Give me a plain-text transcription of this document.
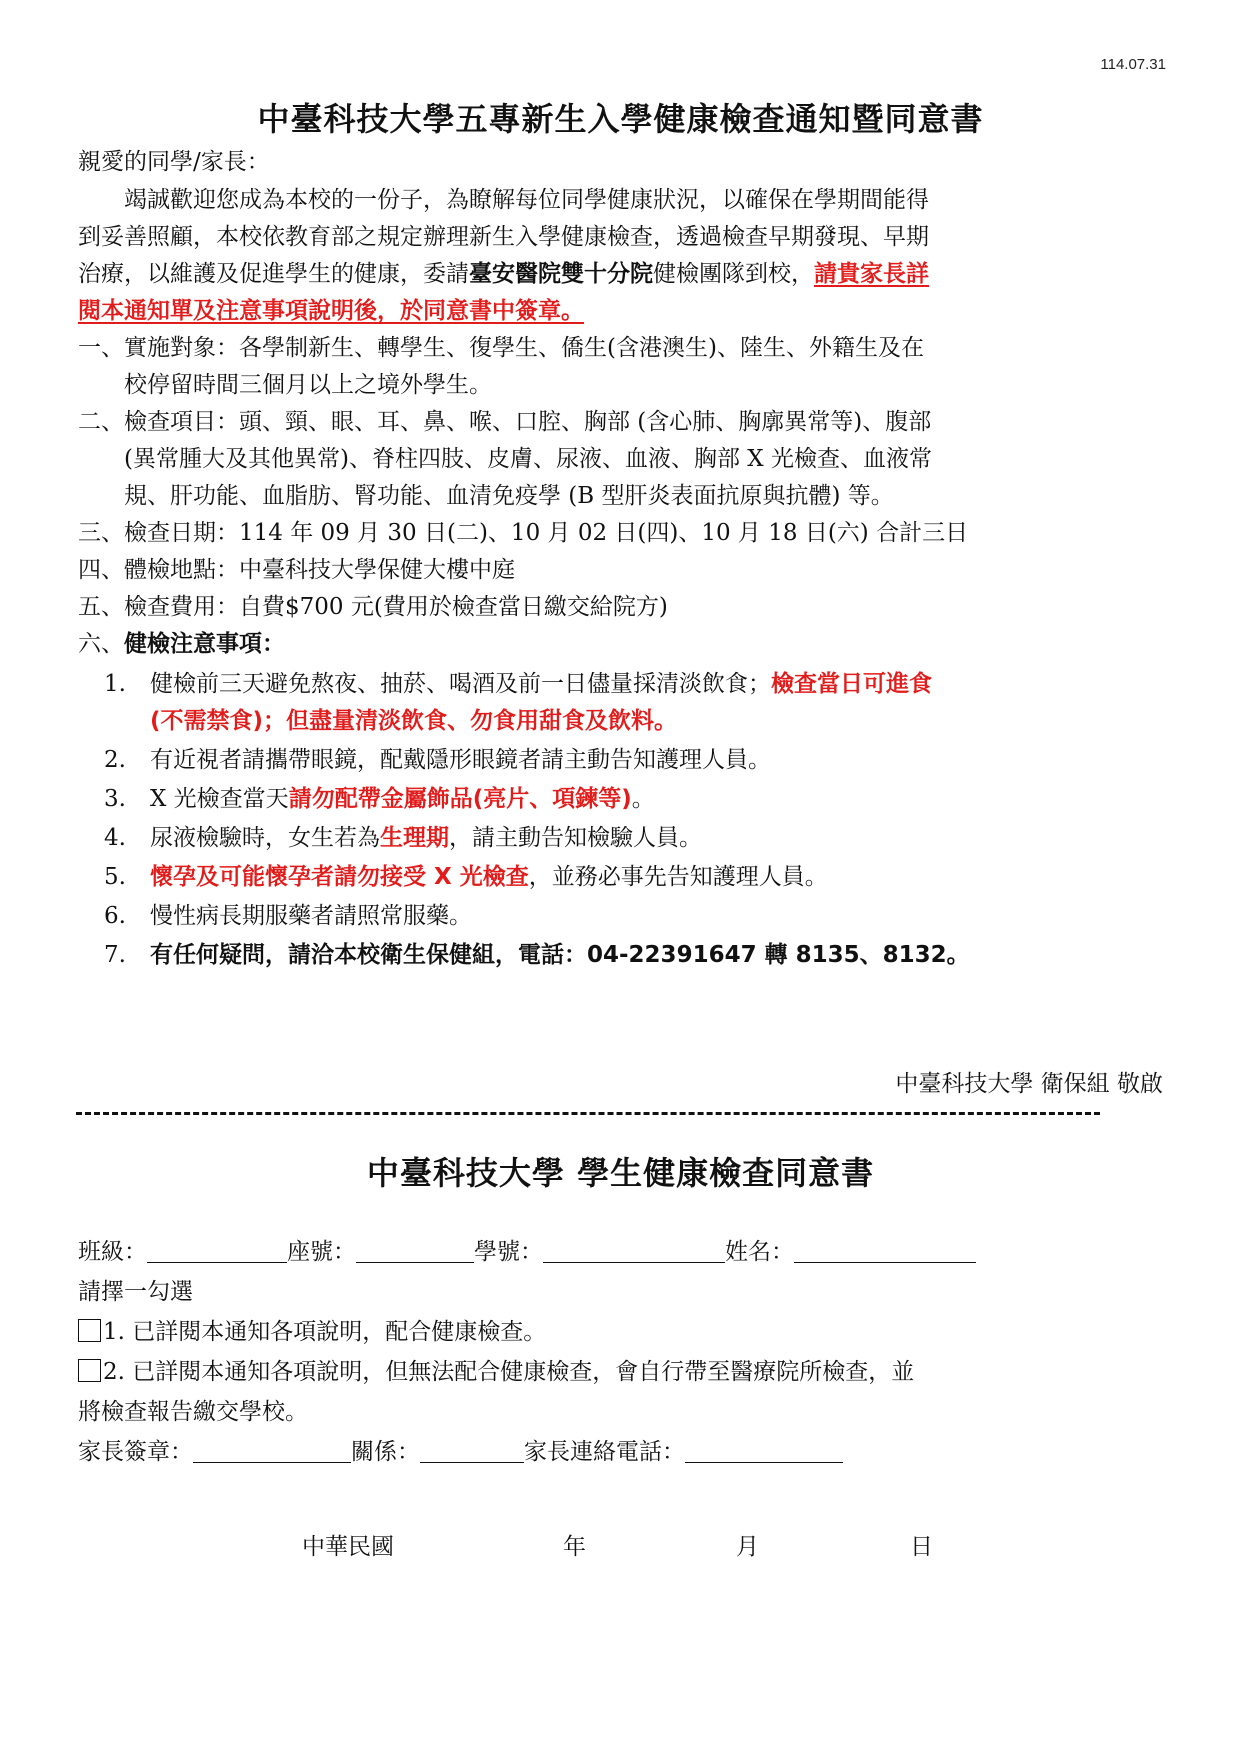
114.07.31
中臺科技大學五專新生入學健康檢查通知暨同意書
親愛的同學/家長：
竭誠歡迎您成為本校的一份子，為瞭解每位同學健康狀況，以確保在學期間能得
到妥善照顧，本校依教育部之規定辦理新生入學健康檢查，透過檢查早期發現、早期
治療，以維護及促進學生的健康，委請臺安醫院雙十分院健檢團隊到校，請貴家長詳
閱本通知單及注意事項說明後，於同意書中簽章。
一、實施對象：各學制新生、轉學生、復學生、僑生(含港澳生)、陸生、外籍生及在
校停留時間三個月以上之境外學生。
二、檢查項目：頭、頸、眼、耳、鼻、喉、口腔、胸部 (含心肺、胸廓異常等)、腹部
(異常腫大及其他異常)、脊柱四肢、皮膚、尿液、血液、胸部 X 光檢查、血液常
規、肝功能、血脂肪、腎功能、血清免疫學 (B 型肝炎表面抗原與抗體) 等。
三、檢查日期：114 年 09 月 30 日(二)、10 月 02 日(四)、10 月 18 日(六) 合計三日
四、體檢地點：中臺科技大學保健大樓中庭
五、檢查費用：自費$700 元(費用於檢查當日繳交給院方)
六、健檢注意事項：
1. 健檢前三天避免熬夜、抽菸、喝酒及前一日儘量採清淡飲食；檢查當日可進食
(不需禁食)；但盡量清淡飲食、勿食用甜食及飲料。
2. 有近視者請攜帶眼鏡，配戴隱形眼鏡者請主動告知護理人員。
3. X 光檢查當天請勿配帶金屬飾品(亮片、項鍊等)。
4. 尿液檢驗時，女生若為生理期，請主動告知檢驗人員。
5. 懷孕及可能懷孕者請勿接受 X 光檢查，並務必事先告知護理人員。
6. 慢性病長期服藥者請照常服藥。
7. 有任何疑問，請洽本校衛生保健組，電話：04-22391647 轉 8135、8132。
中臺科技大學 衛保組 敬啟
中臺科技大學 學生健康檢查同意書
班級：	座號：	學號：	姓名：
請擇一勾選
1. 已詳閱本通知各項說明，配合健康檢查。
2. 已詳閱本通知各項說明，但無法配合健康檢查，會自行帶至醫療院所檢查，並
將檢查報告繳交學校。
家長簽章：	關係：	家長連絡電話：
中華民國	年	月	日
